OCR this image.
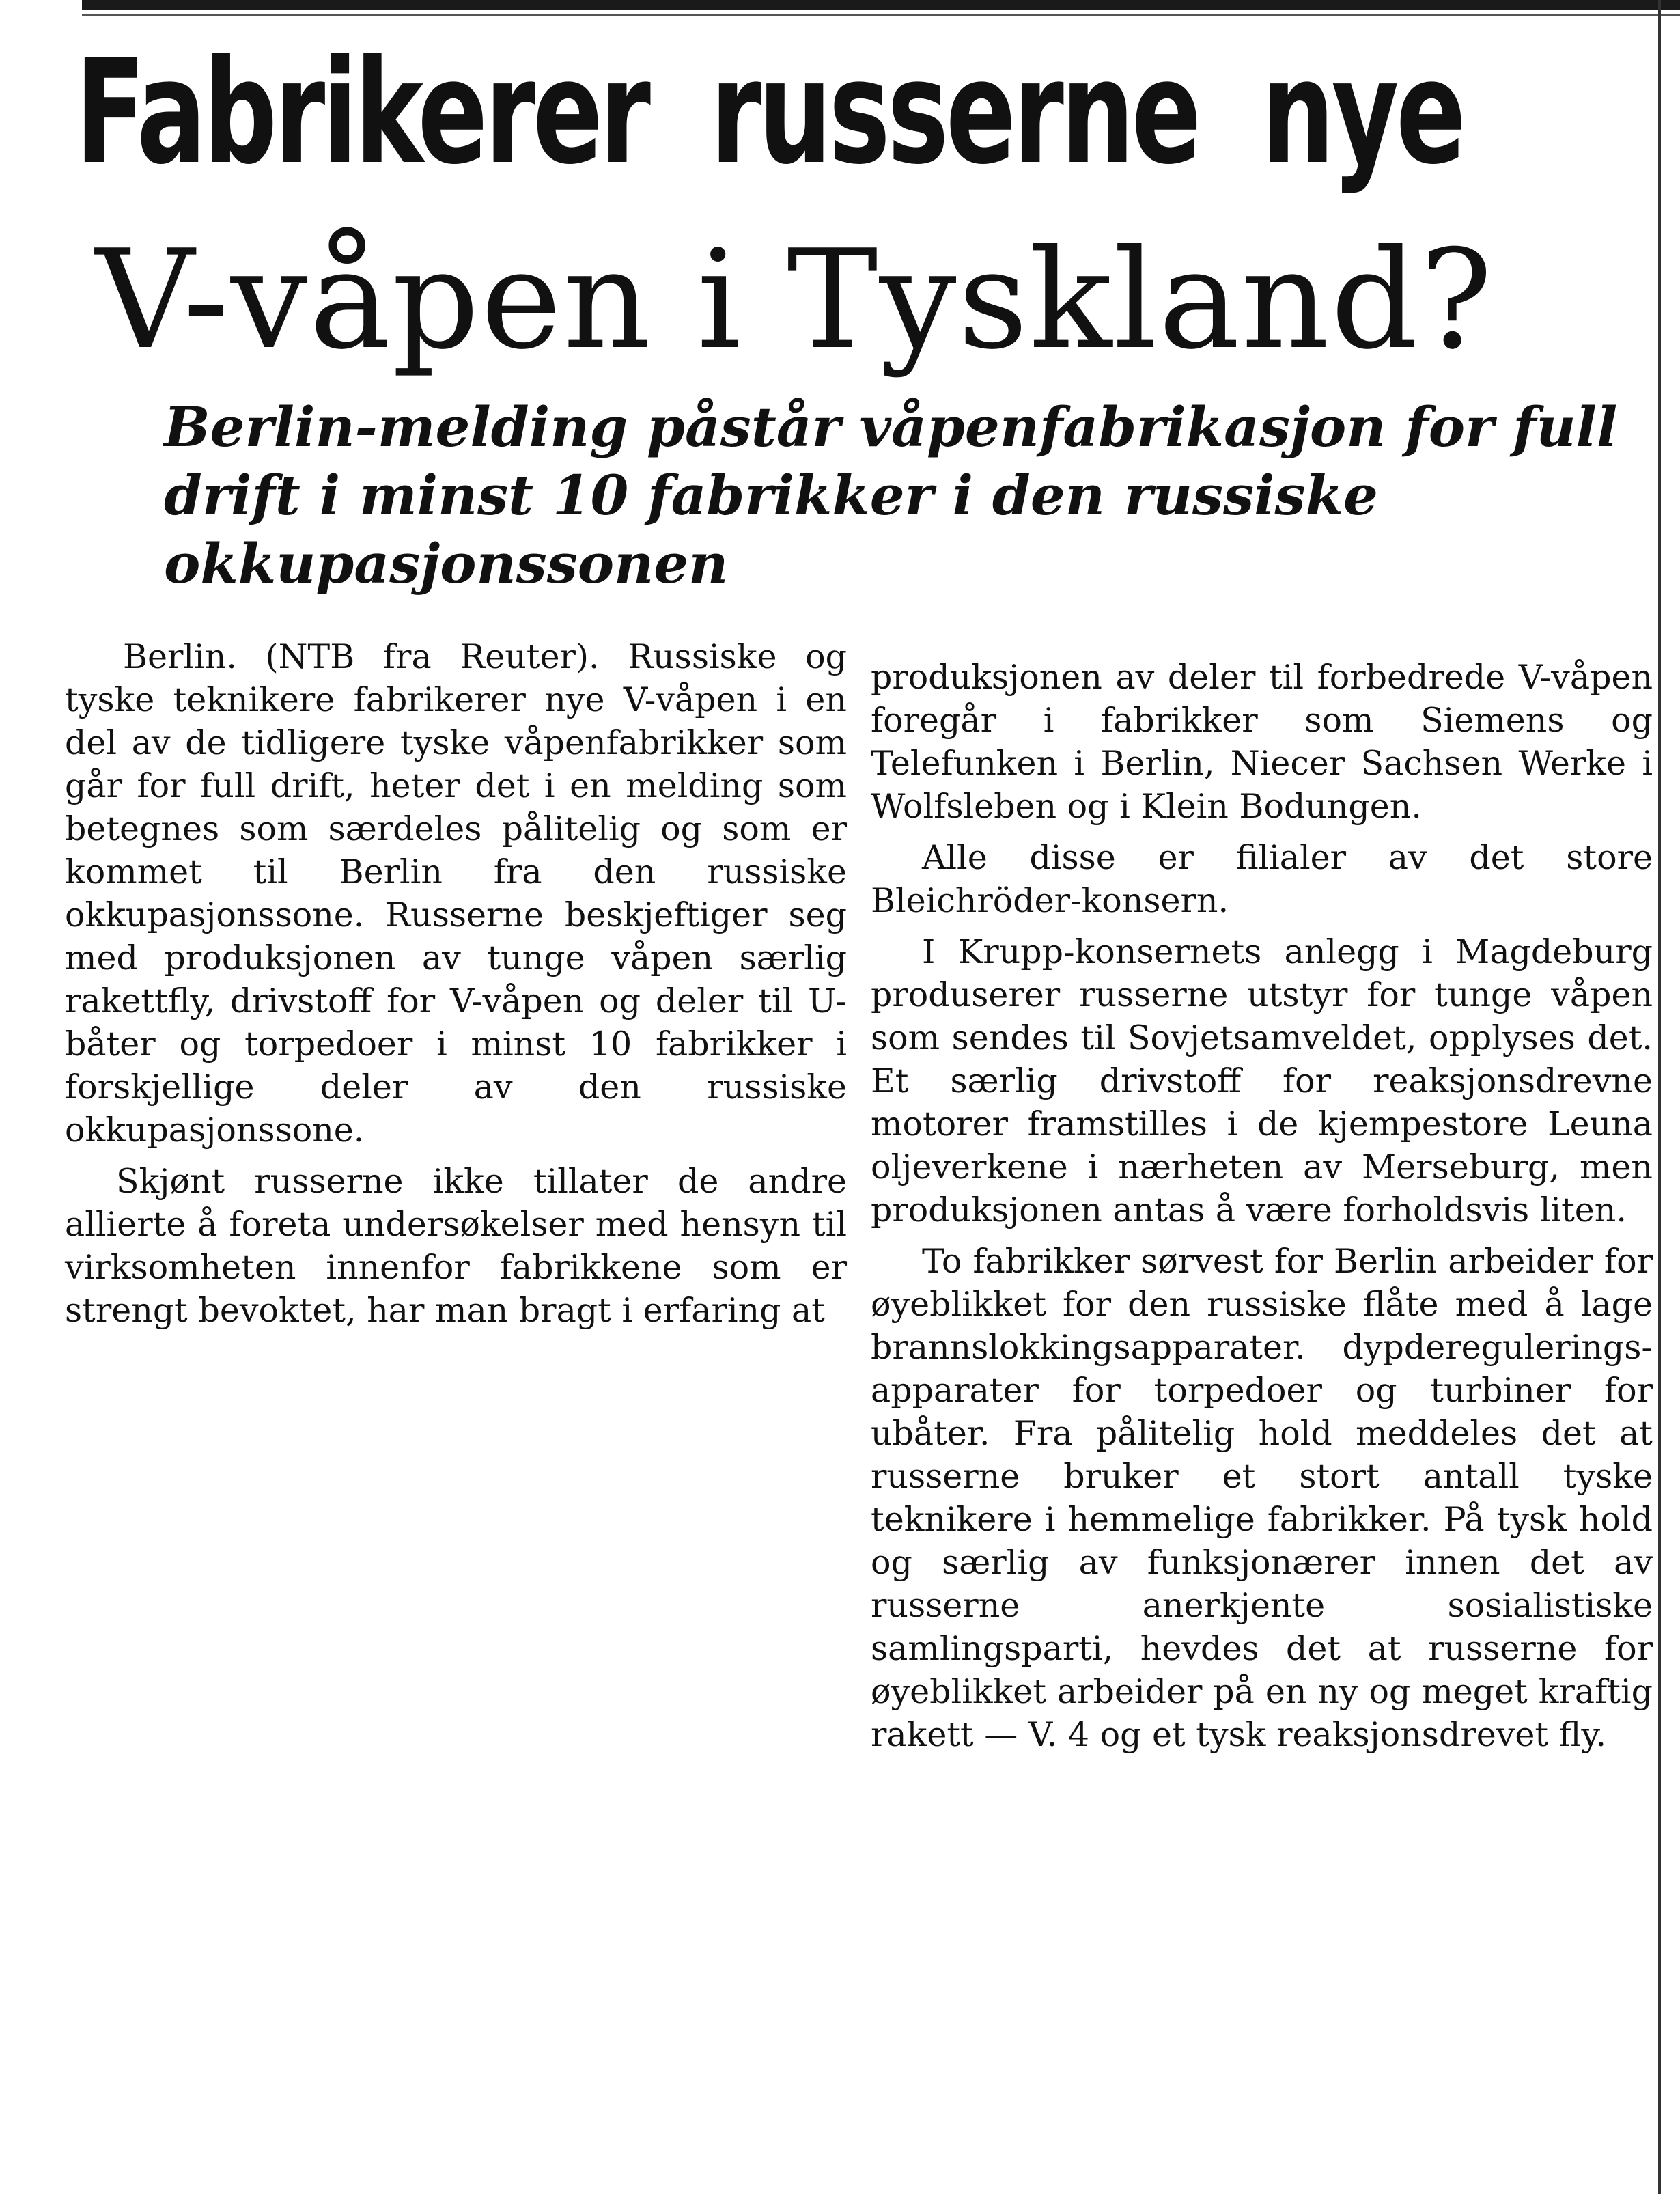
Fabrikerer russerne nye
V-våpen i Tyskland?
Berlin-melding påstår våpenfabrikasjon for full drift i minst 10 fabrikker i den russiske okkupasjonssonen

Berlin. (NTB fra Reuter). Russiske og tyske teknikere fabrikerer nye V-våpen i en del av de tidligere tyske våpenfabrikker som går for full drift, heter det i en melding som betegnes som særdeles pålitelig og som er kommet til Berlin fra den russiske okkupasjonssone. Russerne beskjeftiger seg med produksjonen av tunge våpen særlig rakettfly, drivstoff for V-våpen og deler til U-båter og torpedoer i minst 10 fabrikker i forskjellige deler av den russiske okkupasjonssone.

Skjønt russerne ikke tillater de andre allierte å foreta undersøkelser med hensyn til virksomheten innenfor fabrikkene som er strengt bevoktet, har man bragt i erfaring at

produksjonen av deler til forbedrede V-våpen foregår i fabrikker som Siemens og Telefunken i Berlin, Niecer Sachsen Werke i Wolfsleben og i Klein Bodungen.

Alle disse er filialer av det store Bleichröder-konsern.

I Krupp-konsernets anlegg i Magdeburg produserer russerne utstyr for tunge våpen som sendes til Sovjetsamveldet, opplyses det. Et særlig drivstoff for reaksjonsdrevne motorer framstilles i de kjempestore Leuna oljeverkene i nærheten av Merseburg, men produksjonen antas å være forholdsvis liten.

To fabrikker sørvest for Berlin arbeider for øyeblikket for den russiske flåte med å lage brannslokkingsapparater. dypderegulerings-apparater for torpedoer og turbiner for ubåter. Fra pålitelig hold meddeles det at russerne bruker et stort antall tyske teknikere i hemmelige fabrikker. På tysk hold og særlig av funksjonærer innen det av russerne anerkjente sosialistiske samlingsparti, hevdes det at russerne for øyeblikket arbeider på en ny og meget kraftig rakett — V. 4 og et tysk reaksjonsdrevet fly.
